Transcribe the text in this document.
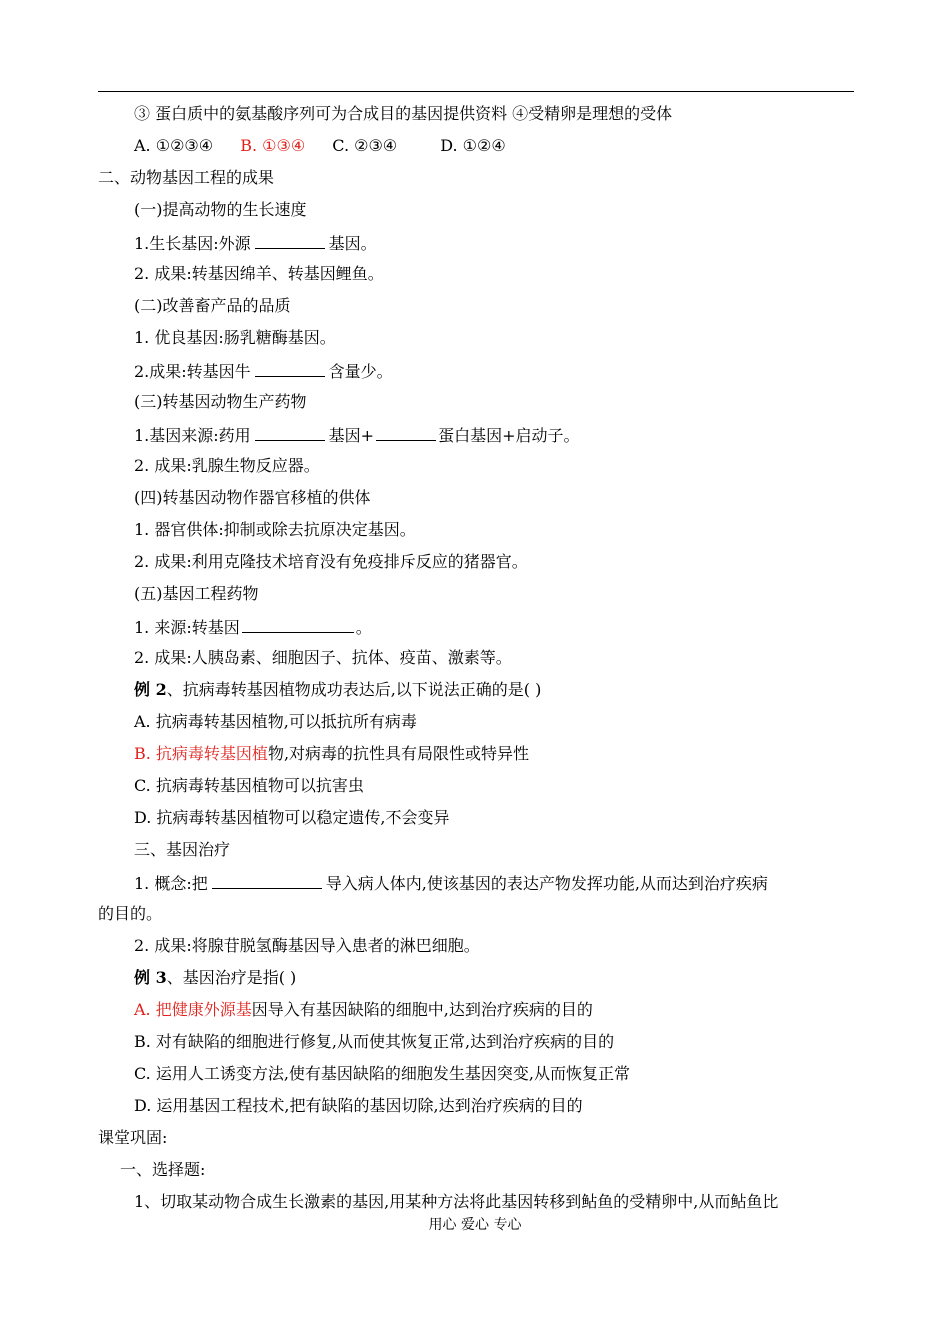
③ 蛋白质中的氨基酸序列可为合成目的基因提供资料 ④受精卵是理想的受体
A. ①②③④ B. ①③④ C. ②③④	D. ①②④
二、动物基因工程的成果
(一)提高动物的生长速度
1.生长基因:外源	基因。
2. 成果:转基因绵羊、转基因鲤鱼。
(二)改善畜产品的品质
1. 优良基因:肠乳糖酶基因。
2.成果:转基因牛	含量少。
(三)转基因动物生产药物
1.基因来源:药用	基因+	蛋白基因+启动子。
2. 成果:乳腺生物反应器。
(四)转基因动物作器官移植的供体
1. 器官供体:抑制或除去抗原决定基因。
2. 成果:利用克隆技术培育没有免疫排斥反应的猪器官。
(五)基因工程药物
1. 来源:转基因	。
2. 成果:人胰岛素、细胞因子、抗体、疫苗、激素等。
例 2、抗病毒转基因植物成功表达后,以下说法正确的是( )
A. 抗病毒转基因植物,可以抵抗所有病毒
B. 抗病毒转基因植物,对病毒的抗性具有局限性或特异性
C. 抗病毒转基因植物可以抗害虫
D. 抗病毒转基因植物可以稳定遗传,不会变异
三、基因治疗
1. 概念:把	导入病人体内,使该基因的表达产物发挥功能,从而达到治疗疾病
的目的。
2. 成果:将腺苷脱氢酶基因导入患者的淋巴细胞。
例 3、基因治疗是指( )
A. 把健康外源基因导入有基因缺陷的细胞中,达到治疗疾病的目的
B. 对有缺陷的细胞进行修复,从而使其恢复正常,达到治疗疾病的目的
C. 运用人工诱变方法,使有基因缺陷的细胞发生基因突变,从而恢复正常
D. 运用基因工程技术,把有缺陷的基因切除,达到治疗疾病的目的
课堂巩固:
一、选择题:
1、切取某动物合成生长激素的基因,用某种方法将此基因转移到鲇鱼的受精卵中,从而鲇鱼比
用心 爱心 专心
